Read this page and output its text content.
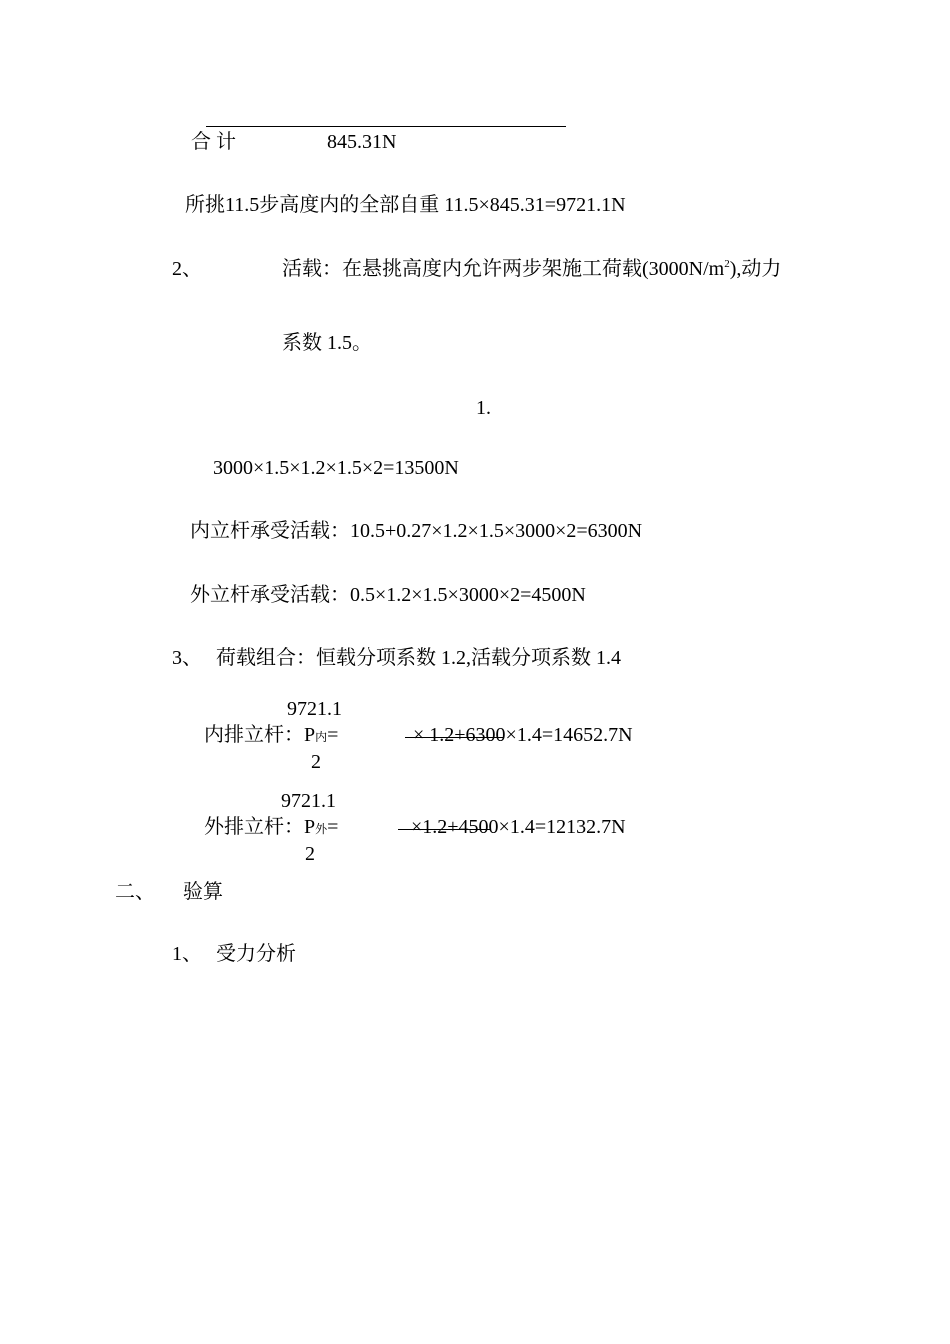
合 计	845.31N
所挑11.5步高度内的全部自重 11.5×845.31=9721.1N
2、	活载：在悬挑高度内允许两步架施工荷载$(3000N/m^2)$,动力
系数 1.5。
1.
3000×1.5×1.2×1.5×2=13500N
内立杆承受活载：10.5+0.27×1.2×1.5×3000×2=6300N
外立杆承受活载：0.5×1.2×1.5×3000×2=4500N
3、 荷载组合：恒载分项系数 1.2,活载分项系数 1.4
9721.1
内排立杆：P内=
2
× 1.2+6300×1.4=14652.7N
9721.1
外排立杆：P外=
2
×1.2+4500×1.4=12132.7N
二、 验算
1、 受力分析
